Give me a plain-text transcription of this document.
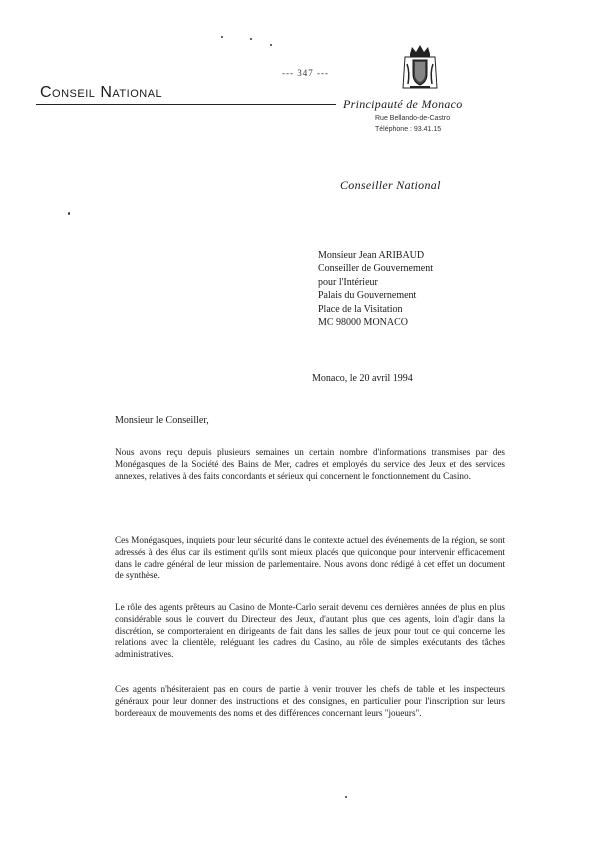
--- 347 ---
Conseil National
Principauté de Monaco
Rue Bellando-de-Castro
Téléphone : 93.41.15
Conseiller National
Monsieur Jean ARIBAUD
Conseiller de Gouvernement
pour l'Intérieur
Palais du Gouvernement
Place de la Visitation
MC 98000 MONACO
Monaco, le 20 avril 1994
Monsieur le Conseiller,
Nous avons reçu depuis plusieurs semaines un certain nombre d'informations transmises par des Monégasques de la Société des Bains de Mer, cadres et employés du service des Jeux et des services annexes, relatives à des faits concordants et sérieux qui concernent le fonctionnement du Casino.
Ces Monégasques, inquiets pour leur sécurité dans le contexte actuel des événements de la région, se sont adressés à des élus car ils estiment qu'ils sont mieux placés que quiconque pour intervenir efficacement dans le cadre général de leur mission de parlementaire. Nous avons donc rédigé à cet effet un document de synthèse.
Le rôle des agents prêteurs au Casino de Monte-Carlo serait devenu ces dernières années de plus en plus considérable sous le couvert du Directeur des Jeux, d'autant plus que ces agents, loin d'agir dans la discrétion, se comporteraient en dirigeants de fait dans les salles de jeux pour tout ce qui concerne les relations avec la clientèle, reléguant les cadres du Casino, au rôle de simples exécutants des tâches administratives.
Ces agents n'hésiteraient pas en cours de partie à venir trouver les chefs de table et les inspecteurs généraux pour leur donner des instructions et des consignes, en particulier pour l'inscription sur leurs bordereaux de mouvements des noms et des différences concernant leurs "joueurs".
